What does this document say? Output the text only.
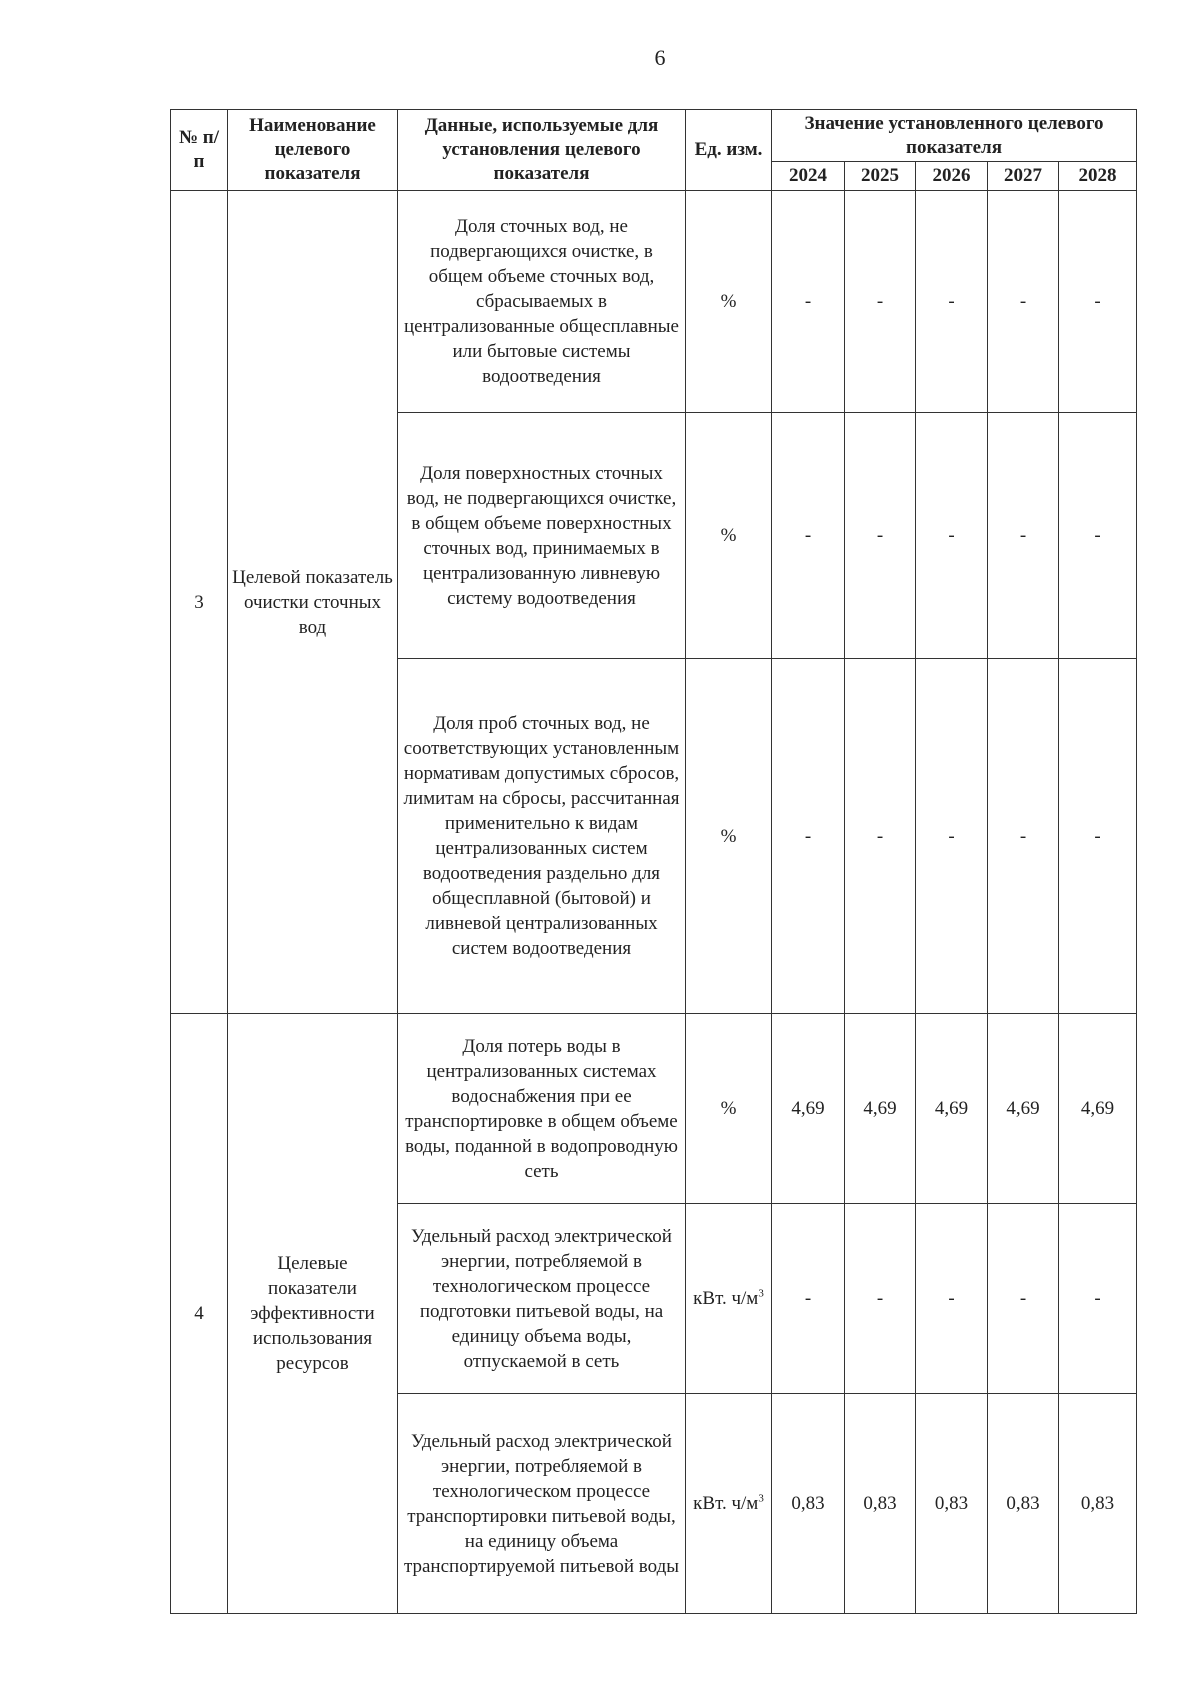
6
№ п/п	Наименование целевого показателя	Данные, используемые для установления целевого показателя	Ед. изм.	Значение установленного целевого показателя				
				2024	2025	2026	2027	2028
3	Целевой показатель очистки сточных вод	Доля сточных вод, не подвергающихся очистке, в общем объеме сточных вод, сбрасываемых в централизованные общесплавные или бытовые системы водоотведения	%	-	-	-	-	-
		Доля поверхностных сточных вод, не подвергающихся очистке, в общем объеме поверхностных сточных вод, принимаемых в централизованную ливневую систему водоотведения	%	-	-	-	-	-
		Доля проб сточных вод, не соответствующих установленным нормативам допустимых сбросов, лимитам на сбросы, рассчитанная применительно к видам централизованных систем водоотведения раздельно для общесплавной (бытовой) и ливневой централизованных систем водоотведения	%	-	-	-	-	-
4	Целевые показатели эффективности использования ресурсов	Доля потерь воды в централизованных системах водоснабжения при ее транспортировке в общем объеме воды, поданной в водопроводную сеть	%	4,69	4,69	4,69	4,69	4,69
		Удельный расход электрической энергии, потребляемой в технологическом процессе подготовки питьевой воды, на единицу объема воды, отпускаемой в сеть	кВт. $ч/м^3$	-	-	-	-	-
		Удельный расход электрической энергии, потребляемой в технологическом процессе транспортировки питьевой воды, на единицу объема транспортируемой питьевой воды	кВт. $ч/м^3$	0,83	0,83	0,83	0,83	0,83
